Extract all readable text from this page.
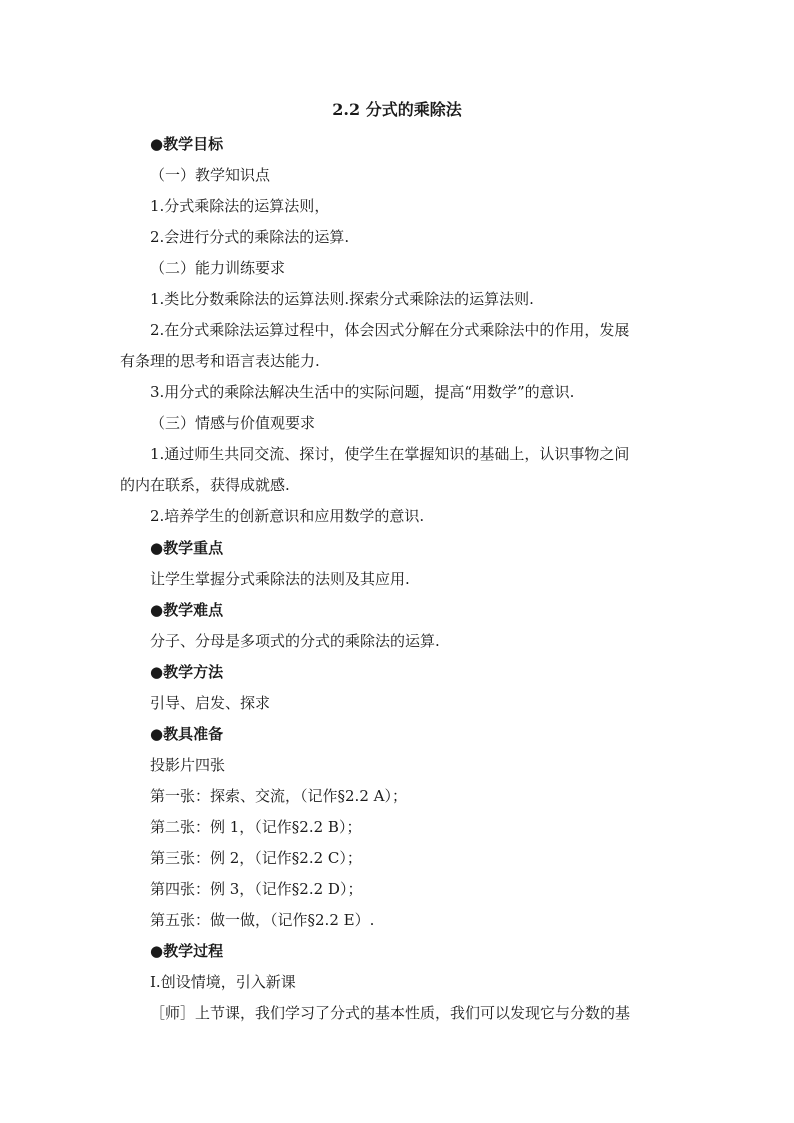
2.2 分式的乘除法
●教学目标
（一）教学知识点
1.分式乘除法的运算法则，
2.会进行分式的乘除法的运算.
（二）能力训练要求
1.类比分数乘除法的运算法则.探索分式乘除法的运算法则.
2.在分式乘除法运算过程中，体会因式分解在分式乘除法中的作用，发展
有条理的思考和语言表达能力.
3.用分式的乘除法解决生活中的实际问题，提高“用数学”的意识.
（三）情感与价值观要求
1.通过师生共同交流、探讨，使学生在掌握知识的基础上，认识事物之间
的内在联系，获得成就感.
2.培养学生的创新意识和应用数学的意识.
●教学重点
让学生掌握分式乘除法的法则及其应用.
●教学难点
分子、分母是多项式的分式的乘除法的运算.
●教学方法
引导、启发、探求
●教具准备
投影片四张
第一张：探索、交流，（记作§2.2 A）；
第二张：例 1，（记作§2.2 B）；
第三张：例 2，（记作§2.2 C）；
第四张：例 3，（记作§2.2 D）；
第五张：做一做，（记作§2.2 E）.
●教学过程
Ⅰ.创设情境，引入新课
［师］上节课，我们学习了分式的基本性质，我们可以发现它与分数的基
